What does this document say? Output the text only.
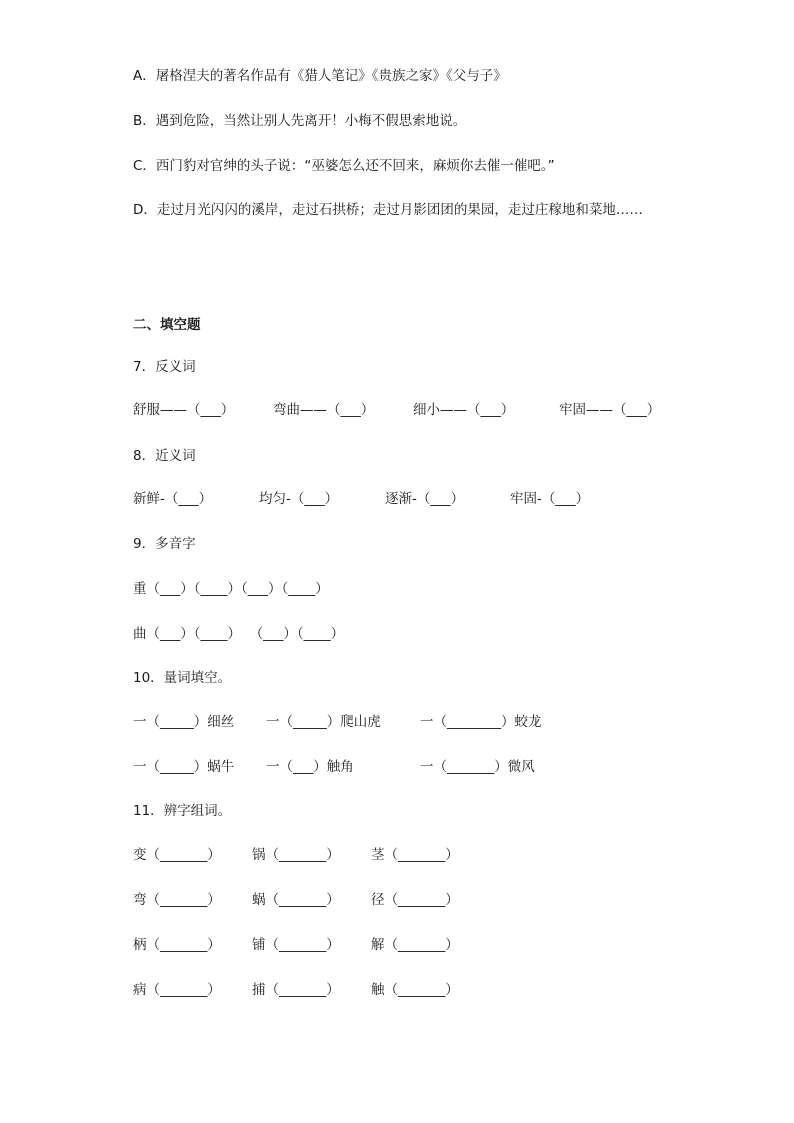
A．屠格涅夫的著名作品有《猎人笔记》《贵族之家》《父与子》
B．遇到危险，当然让别人先离开！小梅不假思索地说。
C．西门豹对官绅的头子说：“巫婆怎么还不回来，麻烦你去催一催吧。”
D．走过月光闪闪的溪岸，走过石拱桥；走过月影团团的果园，走过庄稼地和菜地……
二、填空题
7．反义词
舒服——（___）	弯曲——（___）	细小——（___）	牢固——（___）
8．近义词
新鲜-（___）	均匀-（___）	逐渐-（___）	牢固-（___）
9．多音字
重（___）（____）（___）（____）
曲（___）（____）  （___）（____）
10．量词填空。
一（_____）细丝 一（_____）爬山虎	一（________）蛟龙
一（_____）蜗牛 一（___）触角	一（_______）微风
11．辨字组词。
变（_______） 锅（_______） 茎（_______）
弯（_______） 蜗（_______） 径（_______）
柄（_______） 铺（_______） 解（_______）
病（_______） 捕（_______） 触（_______）
